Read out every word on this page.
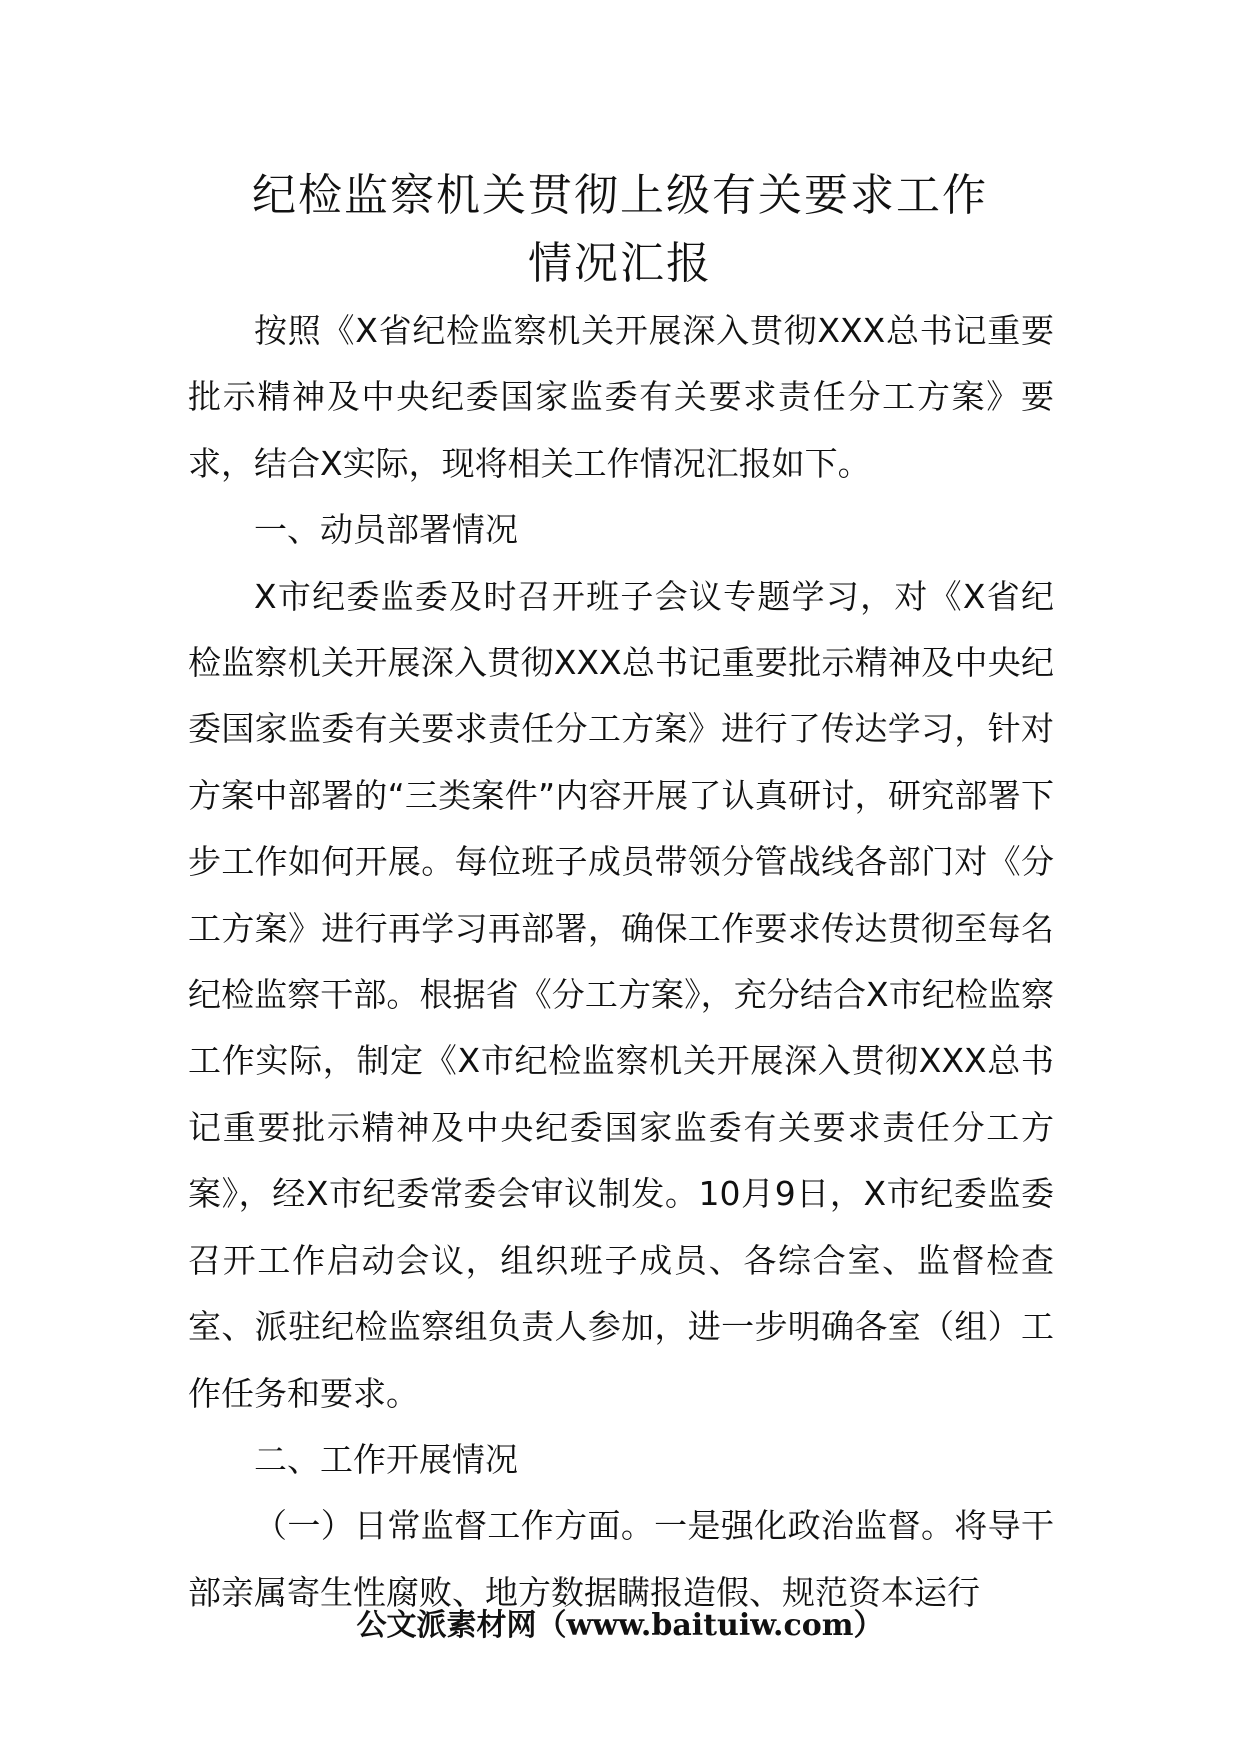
纪检监察机关贯彻上级有关要求工作
情况汇报

按照《X省纪检监察机关开展深入贯彻XXX总书记重要批示精神及中央纪委国家监委有关要求责任分工方案》要求，结合X实际，现将相关工作情况汇报如下。

一、动员部署情况

X市纪委监委及时召开班子会议专题学习，对《X省纪检监察机关开展深入贯彻XXX总书记重要批示精神及中央纪委国家监委有关要求责任分工方案》进行了传达学习，针对方案中部署的“三类案件”内容开展了认真研讨，研究部署下步工作如何开展。每位班子成员带领分管战线各部门对《分工方案》进行再学习再部署，确保工作要求传达贯彻至每名纪检监察干部。根据省《分工方案》，充分结合X市纪检监察工作实际，制定《X市纪检监察机关开展深入贯彻XXX总书记重要批示精神及中央纪委国家监委有关要求责任分工方案》，经X市纪委常委会审议制发。10月9日，X市纪委监委召开工作启动会议，组织班子成员、各综合室、监督检查室、派驻纪检监察组负责人参加，进一步明确各室（组）工作任务和要求。

二、工作开展情况

（一）日常监督工作方面。一是强化政治监督。将导干部亲属寄生性腐败、地方数据瞒报造假、规范资本运行

公文派素材网（www.baituiw.com）
